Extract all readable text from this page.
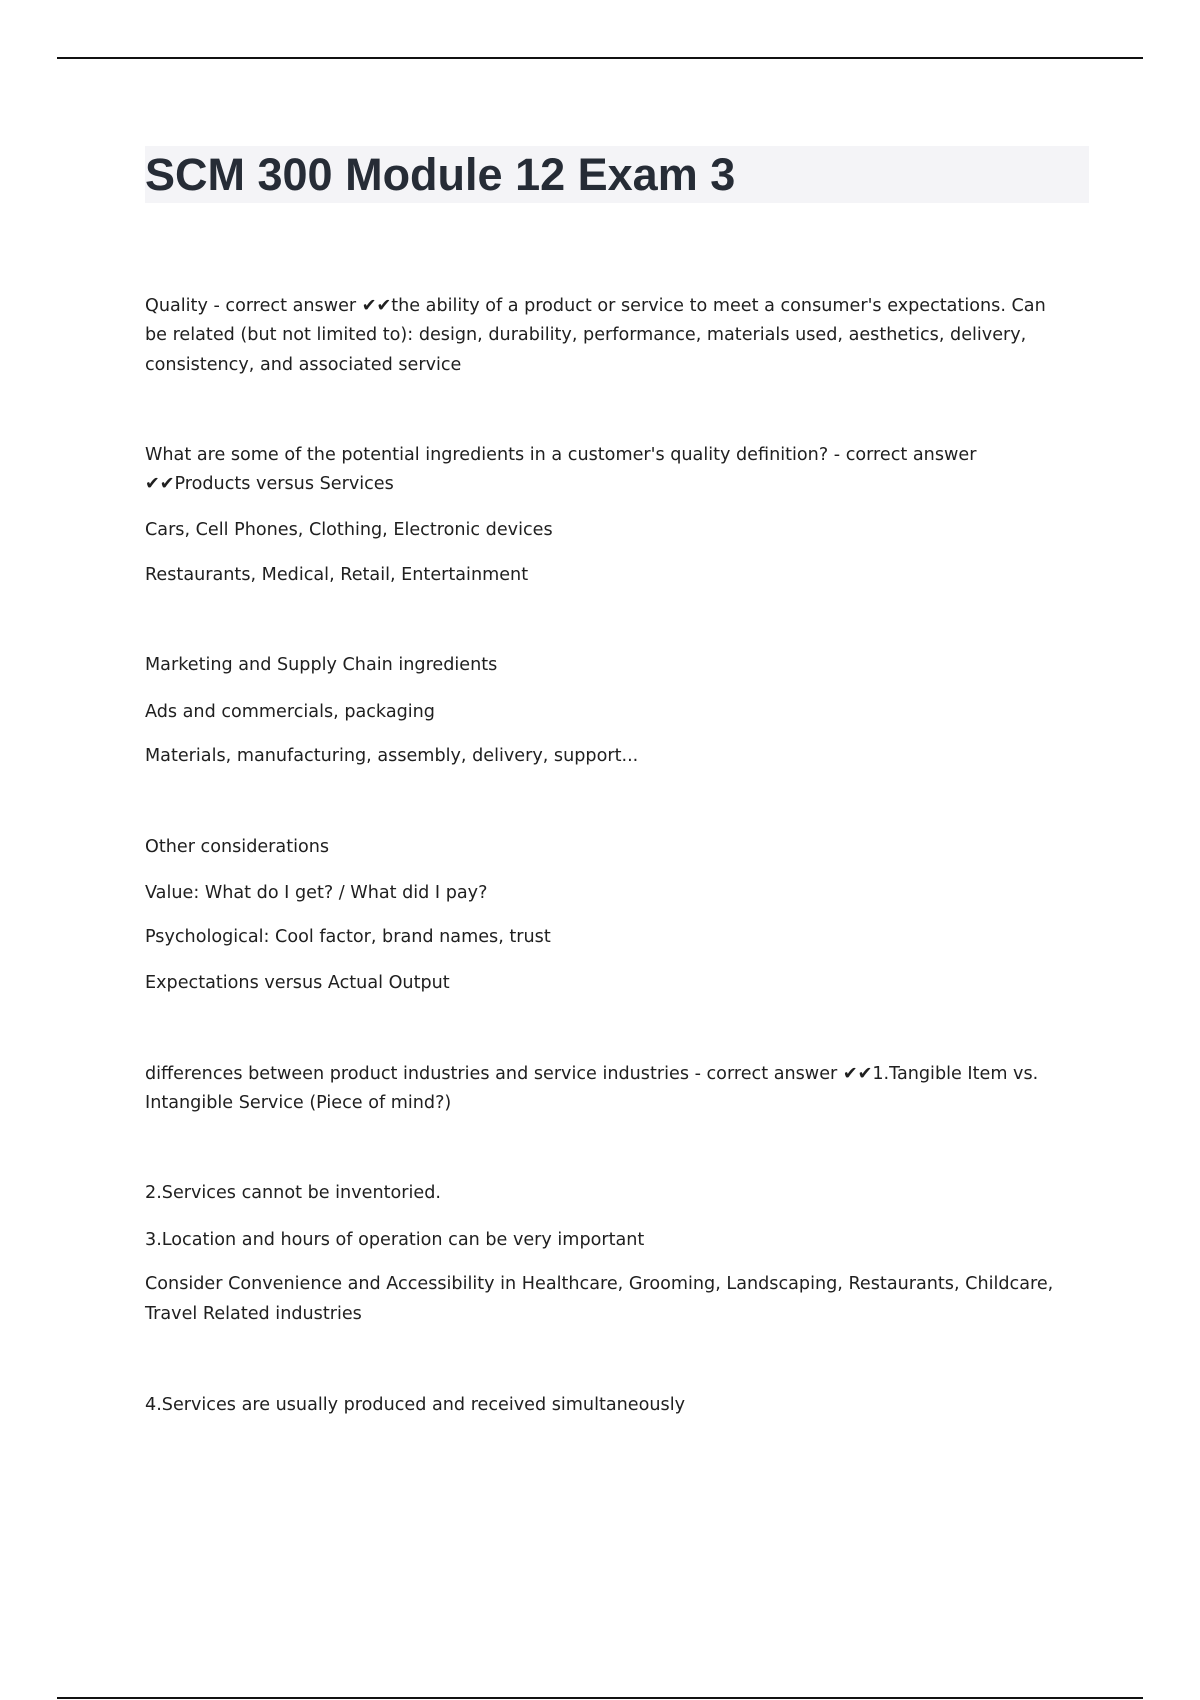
SCM 300 Module 12 Exam 3

Quality - correct answer ✔✔the ability of a product or service to meet a consumer's expectations. Can

be related (but not limited to): design, durability, performance, materials used, aesthetics, delivery,

consistency, and associated service

What are some of the potential ingredients in a customer's quality definition? - correct answer

✔✔Products versus Services

Cars, Cell Phones, Clothing, Electronic devices

Restaurants, Medical, Retail, Entertainment

Marketing and Supply Chain ingredients

Ads and commercials, packaging

Materials, manufacturing, assembly, delivery, support...

Other considerations

Value: What do I get? / What did I pay?

Psychological: Cool factor, brand names, trust

Expectations versus Actual Output

differences between product industries and service industries - correct answer ✔✔1.Tangible Item vs.

Intangible Service (Piece of mind?)

2.Services cannot be inventoried.

3.Location and hours of operation can be very important

Consider Convenience and Accessibility in Healthcare, Grooming, Landscaping, Restaurants, Childcare,

Travel Related industries

4.Services are usually produced and received simultaneously
